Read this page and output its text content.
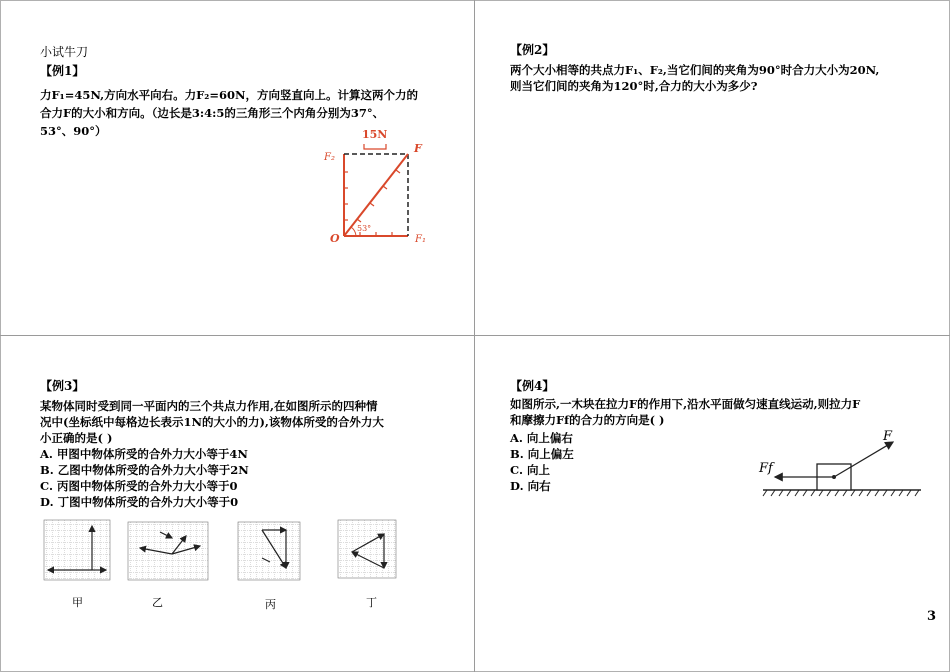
小试牛刀
【例1】
力F₁=45N,方向水平向右。力F₂=60N，方向竖直向上。计算这两个力的
合力F的大小和方向。（边长是3:4:5的三角形三个内角分别为37°、
53°、90°）	15N
53°
F₂
F
O	F₁
【例2】
两个大小相等的共点力F₁、F₂,当它们间的夹角为90°时合力大小为20N,
则当它们间的夹角为120°时,合力的大小为多少?
【例3】
某物体同时受到同一平面内的三个共点力作用,在如图所示的四种情
况中(坐标纸中每格边长表示1N的大小的力),该物体所受的合外力大
小正确的是( )
A. 甲图中物体所受的合外力大小等于4N
B. 乙图中物体所受的合外力大小等于2N
C. 丙图中物体所受的合外力大小等于0
D. 丁图中物体所受的合外力大小等于0
甲	乙	丙	丁
【例4】
如图所示,一木块在拉力F的作用下,沿水平面做匀速直线运动,则拉力F
和摩擦力Ff的合力的方向是( )
A. 向上偏右
B. 向上偏左
C. 向上
D. 向右
F
Ff
3
